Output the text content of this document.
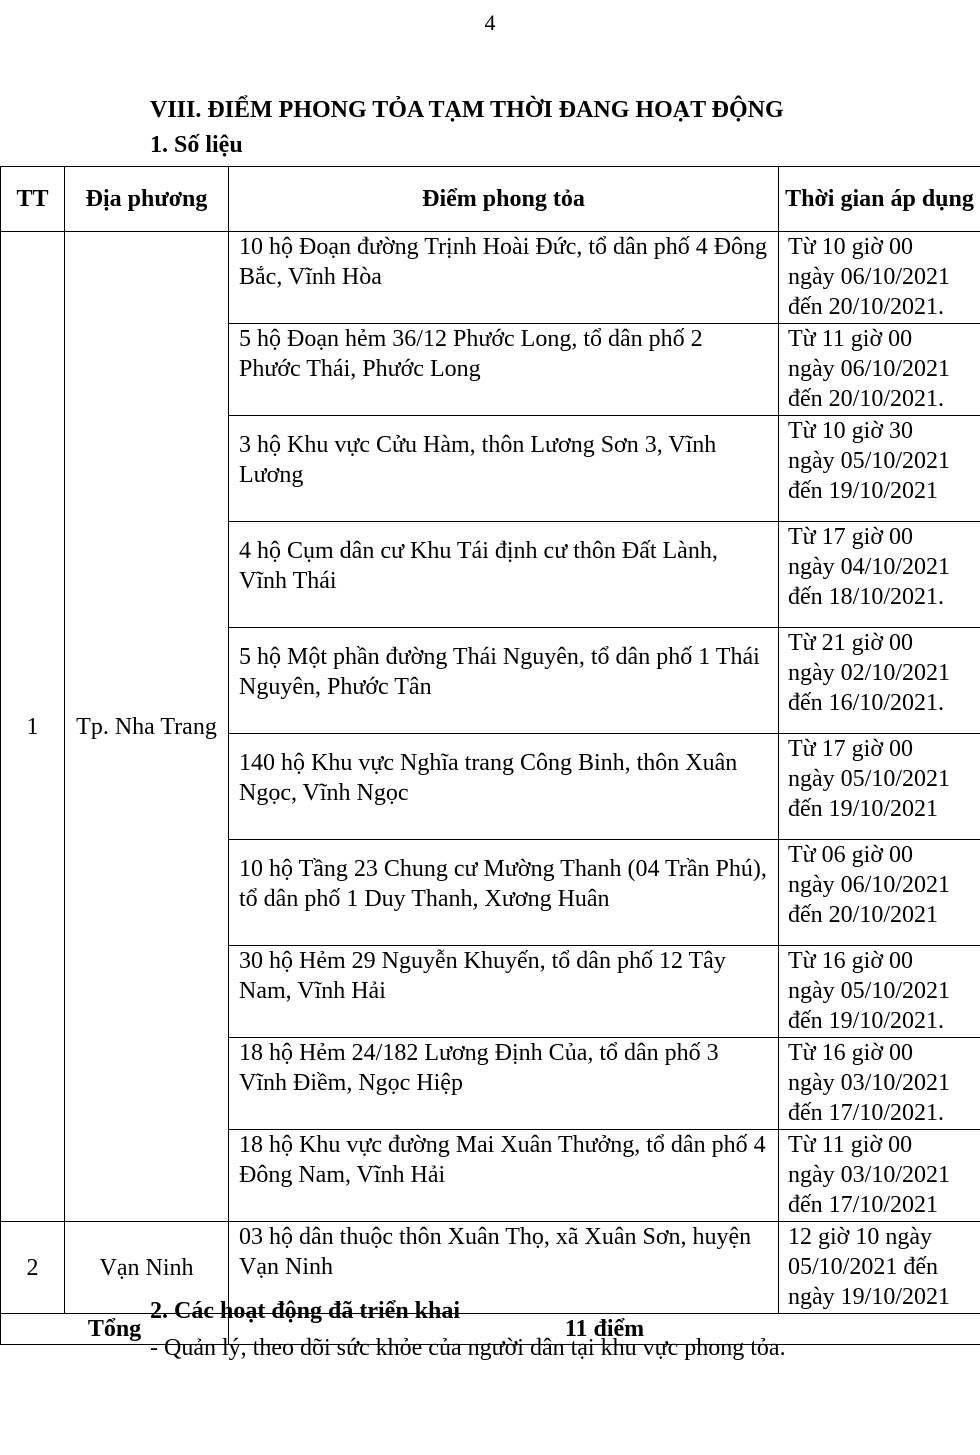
4
VIII. ĐIỂM PHONG TỎA TẠM THỜI ĐANG HOẠT ĐỘNG
1. Số liệu
TT	Địa phương	Điểm phong tỏa	Thời gian áp dụng
1	Tp. Nha Trang	10 hộ Đoạn đường Trịnh Hoài Đức, tổ dân phố 4 Đông Bắc, Vĩnh Hòa	Từ 10 giờ 00
ngày 06/10/2021
đến 20/10/2021.
		5 hộ Đoạn hẻm 36/12 Phước Long, tổ dân phố 2 Phước Thái, Phước Long	Từ 11 giờ 00
ngày 06/10/2021
đến 20/10/2021.
		3 hộ Khu vực Cửu Hàm, thôn Lương Sơn 3, Vĩnh Lương	Từ 10 giờ 30
ngày 05/10/2021
đến 19/10/2021
		4 hộ Cụm dân cư Khu Tái định cư thôn Đất Lành, Vĩnh Thái	Từ 17 giờ 00
ngày 04/10/2021
đến 18/10/2021.
		5 hộ Một phần đường Thái Nguyên, tổ dân phố 1 Thái Nguyên, Phước Tân	Từ 21 giờ 00
ngày 02/10/2021
đến 16/10/2021.
		140 hộ Khu vực Nghĩa trang Công Binh, thôn Xuân Ngọc, Vĩnh Ngọc	Từ 17 giờ 00
ngày 05/10/2021
đến 19/10/2021
		10 hộ Tầng 23 Chung cư Mường Thanh (04 Trần Phú), tổ dân phố 1 Duy Thanh, Xương Huân	Từ 06 giờ 00
ngày 06/10/2021
đến 20/10/2021
		30 hộ Hẻm 29 Nguyễn Khuyến, tổ dân phố 12 Tây Nam, Vĩnh Hải	Từ 16 giờ 00
ngày 05/10/2021
đến 19/10/2021.
		18 hộ Hẻm 24/182 Lương Định Của, tổ dân phố 3 Vĩnh Điềm, Ngọc Hiệp	Từ 16 giờ 00
ngày 03/10/2021
đến 17/10/2021.
		18 hộ Khu vực đường Mai Xuân Thưởng, tổ dân phố 4 Đông Nam, Vĩnh Hải	Từ 11 giờ 00
ngày 03/10/2021
đến 17/10/2021
2	Vạn Ninh	03 hộ dân thuộc thôn Xuân Thọ, xã Xuân Sơn, huyện Vạn Ninh	12 giờ 10 ngày
05/10/2021 đến
ngày 19/10/2021
Tổng		11 điểm	
2. Các hoạt động đã triển khai
- Quản lý, theo dõi sức khỏe của người dân tại khu vực phong tỏa.
